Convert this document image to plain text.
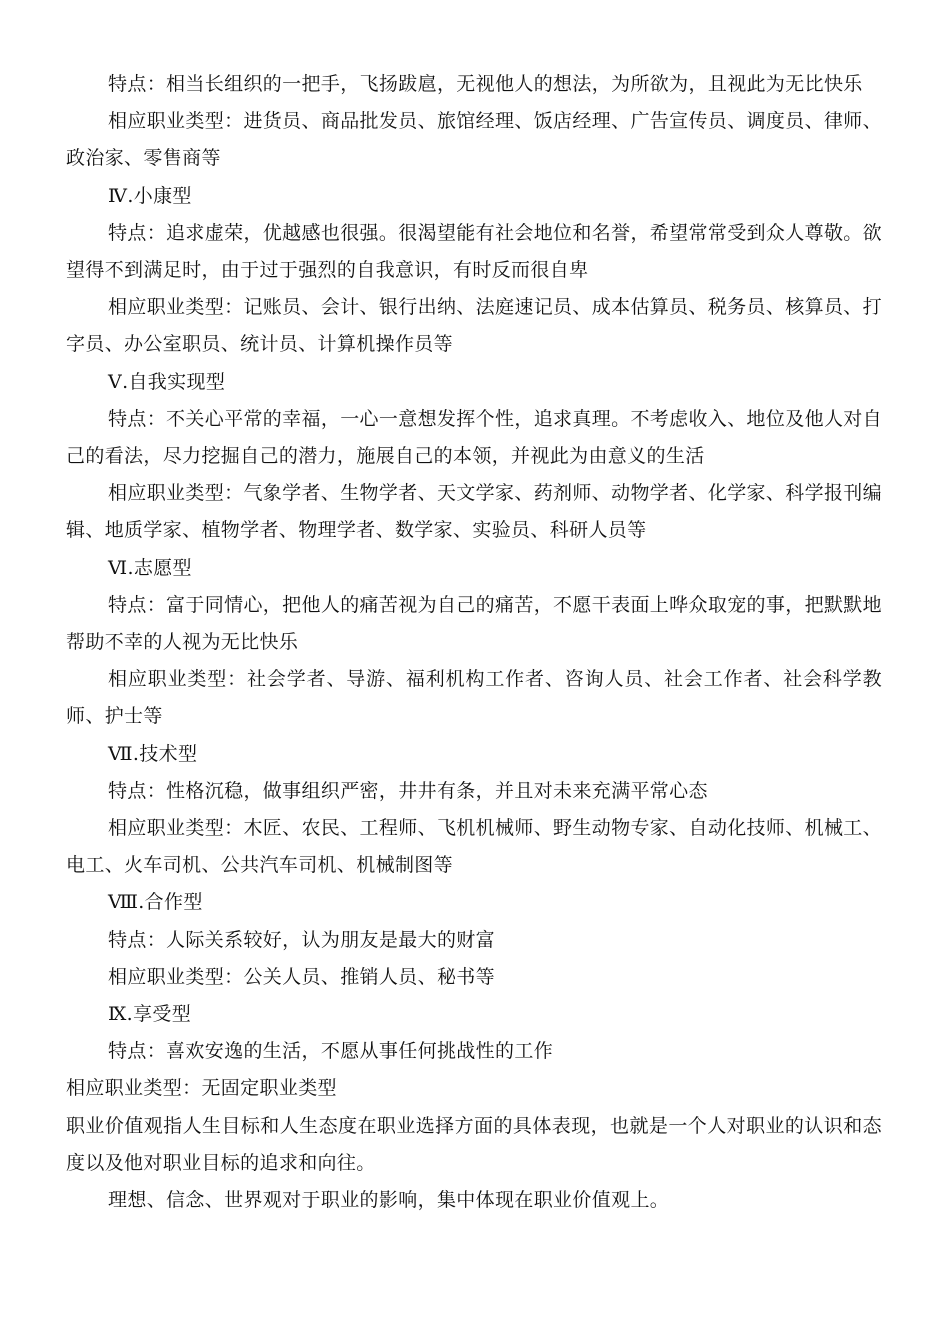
特点：相当长组织的一把手，飞扬跋扈，无视他人的想法，为所欲为，且视此为无比快乐

相应职业类型：进货员、商品批发员、旅馆经理、饭店经理、广告宣传员、调度员、律师、政治家、零售商等

Ⅳ.小康型

特点：追求虚荣，优越感也很强。很渴望能有社会地位和名誉，希望常常受到众人尊敬。欲望得不到满足时，由于过于强烈的自我意识，有时反而很自卑

相应职业类型：记账员、会计、银行出纳、法庭速记员、成本估算员、税务员、核算员、打字员、办公室职员、统计员、计算机操作员等

Ⅴ.自我实现型

特点：不关心平常的幸福，一心一意想发挥个性，追求真理。不考虑收入、地位及他人对自己的看法，尽力挖掘自己的潜力，施展自己的本领，并视此为由意义的生活

相应职业类型：气象学者、生物学者、天文学家、药剂师、动物学者、化学家、科学报刊编辑、地质学家、植物学者、物理学者、数学家、实验员、科研人员等

Ⅵ.志愿型

特点：富于同情心，把他人的痛苦视为自己的痛苦，不愿干表面上哗众取宠的事，把默默地帮助不幸的人视为无比快乐

相应职业类型：社会学者、导游、福利机构工作者、咨询人员、社会工作者、社会科学教师、护士等

Ⅶ.技术型

特点：性格沉稳，做事组织严密，井井有条，并且对未来充满平常心态

相应职业类型：木匠、农民、工程师、飞机机械师、野生动物专家、自动化技师、机械工、电工、火车司机、公共汽车司机、机械制图等

Ⅷ.合作型

特点：人际关系较好，认为朋友是最大的财富

相应职业类型：公关人员、推销人员、秘书等

Ⅸ.享受型

特点：喜欢安逸的生活，不愿从事任何挑战性的工作

相应职业类型：无固定职业类型

职业价值观指人生目标和人生态度在职业选择方面的具体表现，也就是一个人对职业的认识和态度以及他对职业目标的追求和向往。

理想、信念、世界观对于职业的影响，集中体现在职业价值观上。
